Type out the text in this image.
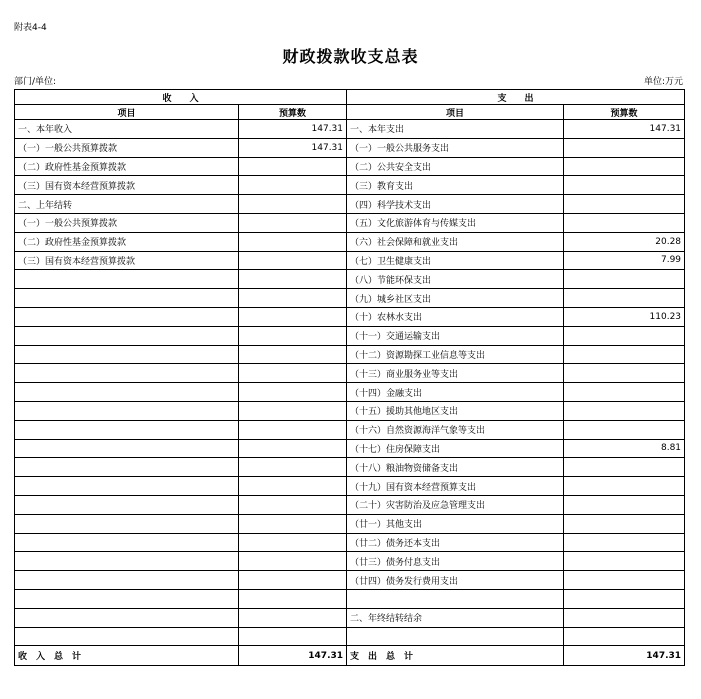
附表4-4
财政拨款收支总表
部门/单位:	单位:万元
收　　入		支　　出	
项目	预算数	项目	预算数
一、本年收入	147.31	一、本年支出	147.31
（一）一般公共预算拨款	147.31	（一）一般公共服务支出	
（二）政府性基金预算拨款		（二）公共安全支出	
（三）国有资本经营预算拨款		（三）教育支出	
二、上年结转		（四）科学技术支出	
（一）一般公共预算拨款		（五）文化旅游体育与传媒支出	
（二）政府性基金预算拨款		（六）社会保障和就业支出	20.28
（三）国有资本经营预算拨款		（七）卫生健康支出	7.99
		（八）节能环保支出	
		（九）城乡社区支出	
		（十）农林水支出	110.23
		（十一）交通运输支出	
		（十二）资源勘探工业信息等支出	
		（十三）商业服务业等支出	
		（十四）金融支出	
		（十五）援助其他地区支出	
		（十六）自然资源海洋气象等支出	
		（十七）住房保障支出	8.81
		（十八）粮油物资储备支出	
		（十九）国有资本经营预算支出	
		（二十）灾害防治及应急管理支出	
		（廿一）其他支出	
		（廿二）债务还本支出	
		（廿三）债务付息支出	
		（廿四）债务发行费用支出	

		二、年终结转结余	

收　入　总　计	147.31	支　出　总　计	147.31
